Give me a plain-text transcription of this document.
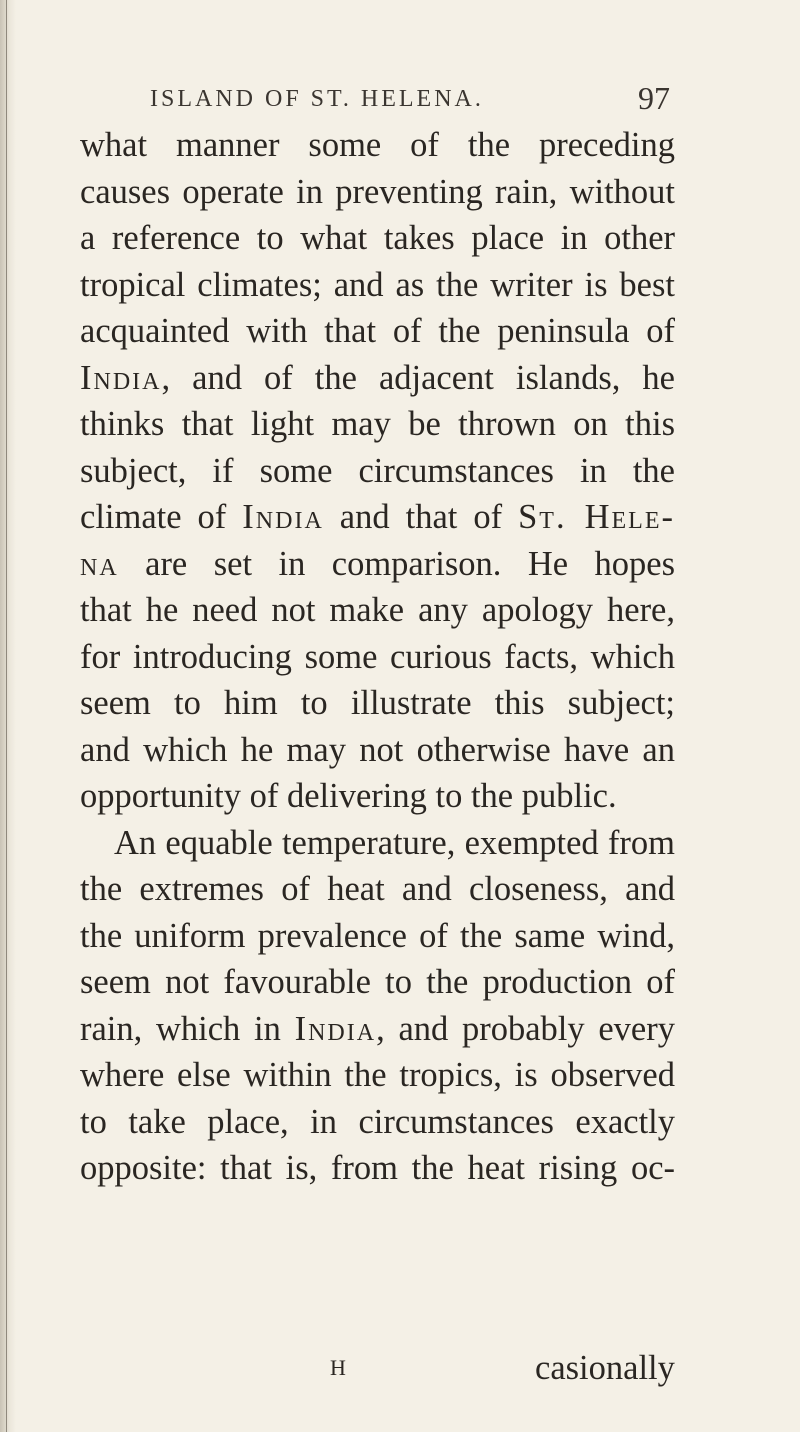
ISLAND OF ST. HELENA.	97
what manner some of the preceding
causes operate in preventing rain, without
a reference to what takes place in other
tropical climates; and as the writer is best
acquainted with that of the peninsula of
India, and of the adjacent islands, he
thinks that light may be thrown on this
subject, if some circumstances in the
climate of India and that of St. Hele-
na are set in comparison. He hopes
that he need not make any apology here,
for introducing some curious facts, which
seem to him to illustrate this subject;
and which he may not otherwise have an
opportunity of delivering to the public.
An equable temperature, exempted from
the extremes of heat and closeness, and
the uniform prevalence of the same wind,
seem not favourable to the production of
rain, which in India, and probably every
where else within the tropics, is observed
to take place, in circumstances exactly
opposite: that is, from the heat rising oc-
H	casionally
